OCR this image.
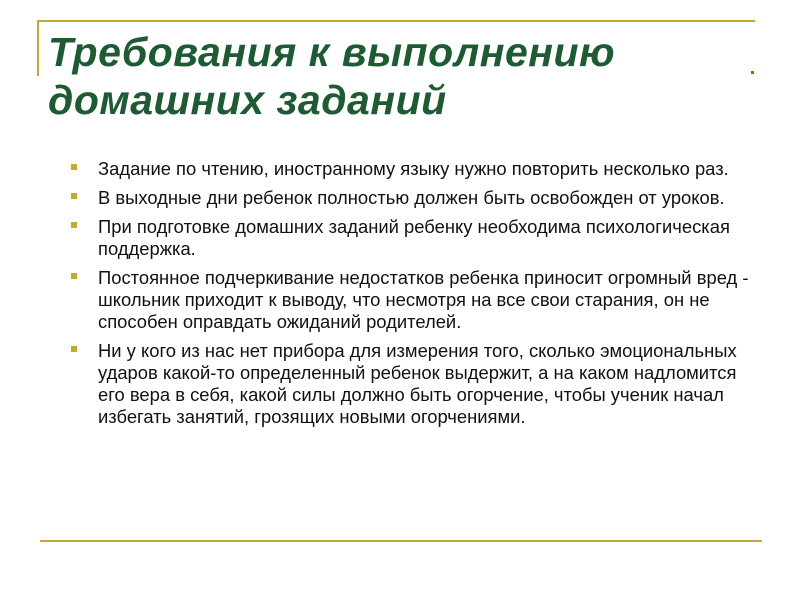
Требования к выполнению
домашних заданий
Задание по чтению, иностранному языку нужно повторить несколько раз.
В выходные дни ребенок полностью должен быть освобожден от уроков.
При подготовке домашних заданий ребенку необходима психологическая поддержка.
Постоянное подчеркивание недостатков ребенка приносит огромный вред - школьник приходит к выводу, что несмотря на все свои старания, он не способен оправдать ожиданий родителей.
Ни у кого из нас нет прибора для измерения того, сколько эмоциональных ударов какой-то определенный ребенок выдержит, а на каком надломится его вера в себя, какой силы должно быть огорчение, чтобы ученик начал избегать занятий, грозящих новыми огорчениями.
